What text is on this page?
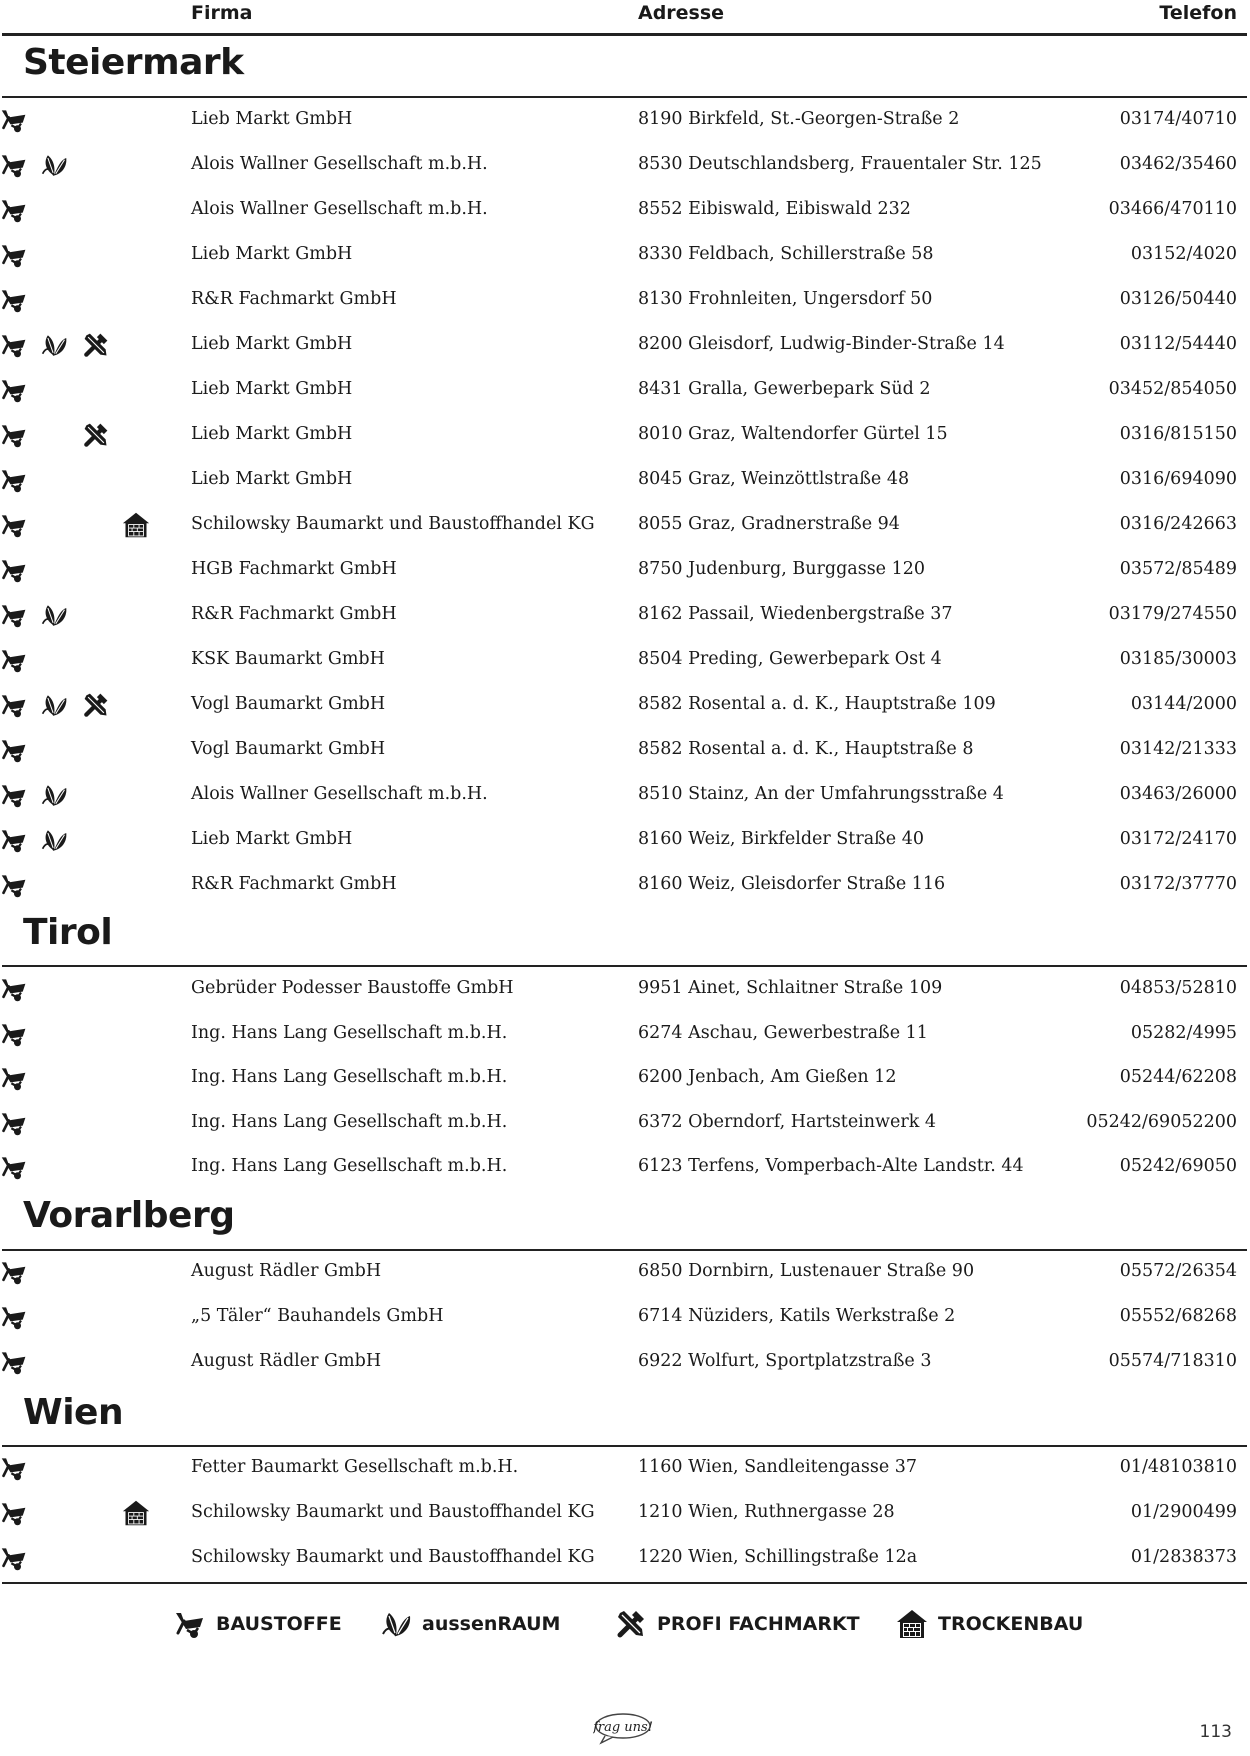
Firma	Adresse	Telefon
Steiermark
Lieb Markt GmbH	8190 Birkfeld, St.-Georgen-Straße 2	03174/40710
Alois Wallner Gesellschaft m.b.H.	8530 Deutschlandsberg, Frauentaler Str. 125	03462/35460
Alois Wallner Gesellschaft m.b.H.	8552 Eibiswald, Eibiswald 232	03466/470110
Lieb Markt GmbH	8330 Feldbach, Schillerstraße 58	03152/4020
R&R Fachmarkt GmbH	8130 Frohnleiten, Ungersdorf 50	03126/50440
Lieb Markt GmbH	8200 Gleisdorf, Ludwig-Binder-Straße 14	03112/54440
Lieb Markt GmbH	8431 Gralla, Gewerbepark Süd 2	03452/854050
Lieb Markt GmbH	8010 Graz, Waltendorfer Gürtel 15	0316/815150
Lieb Markt GmbH	8045 Graz, Weinzöttlstraße 48	0316/694090
Schilowsky Baumarkt und Baustoffhandel KG 8055 Graz, Gradnerstraße 94	0316/242663
HGB Fachmarkt GmbH	8750 Judenburg, Burggasse 120	03572/85489
R&R Fachmarkt GmbH	8162 Passail, Wiedenbergstraße 37	03179/274550
KSK Baumarkt GmbH	8504 Preding, Gewerbepark Ost 4	03185/30003
Vogl Baumarkt GmbH	8582 Rosental a. d. K., Hauptstraße 109	03144/2000
Vogl Baumarkt GmbH	8582 Rosental a. d. K., Hauptstraße 8	03142/21333
Alois Wallner Gesellschaft m.b.H.	8510 Stainz, An der Umfahrungsstraße 4	03463/26000
Lieb Markt GmbH	8160 Weiz, Birkfelder Straße 40	03172/24170
R&R Fachmarkt GmbH	8160 Weiz, Gleisdorfer Straße 116	03172/37770
Tirol
Gebrüder Podesser Baustoffe GmbH	9951 Ainet, Schlaitner Straße 109	04853/52810
Ing. Hans Lang Gesellschaft m.b.H.	6274 Aschau, Gewerbestraße 11	05282/4995
Ing. Hans Lang Gesellschaft m.b.H.	6200 Jenbach, Am Gießen 12	05244/62208
Ing. Hans Lang Gesellschaft m.b.H.	6372 Oberndorf, Hartsteinwerk 4	05242/69052200
Ing. Hans Lang Gesellschaft m.b.H.	6123 Terfens, Vomperbach-Alte Landstr. 44	05242/69050
Vorarlberg
August Rädler GmbH	6850 Dornbirn, Lustenauer Straße 90	05572/26354
„5 Täler“ Bauhandels GmbH	6714 Nüziders, Katils Werkstraße 2	05552/68268
August Rädler GmbH	6922 Wolfurt, Sportplatzstraße 3	05574/718310
Wien
Fetter Baumarkt Gesellschaft m.b.H.	1160 Wien, Sandleitengasse 37	01/48103810
Schilowsky Baumarkt und Baustoffhandel KG 1210 Wien, Ruthnergasse 28	01/2900499
Schilowsky Baumarkt und Baustoffhandel KG 1220 Wien, Schillingstraße 12a	01/2838373
BAUSTOFFE	aussenRAUM	PROFI FACHMARKT	TROCKENBAU
frag uns!	113
